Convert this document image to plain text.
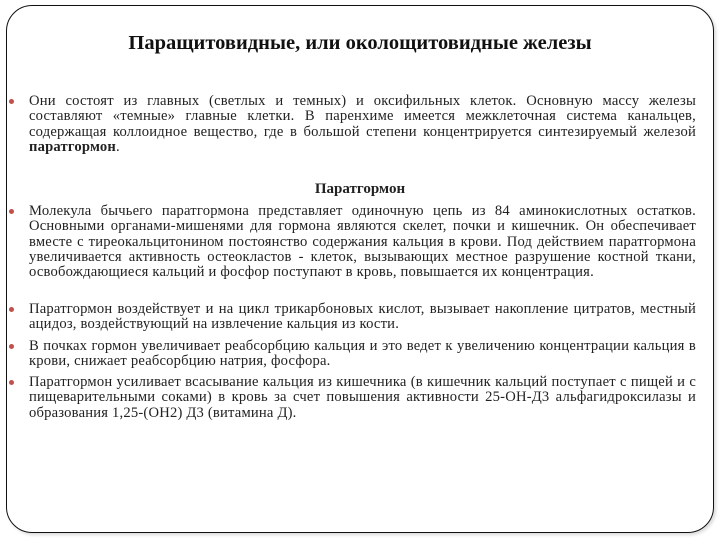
Паращитовидные, или околощитовидные железы
Они состоят из главных (светлых и темных) и оксифильных клеток. Основную массу железы составляют «темные» главные клетки. В паренхиме имеется межклеточная система канальцев, содержащая коллоидное вещество, где в большой степени концентрируется синтезируемый железой паратгормон.
Паратгормон
Молекула бычьего паратгормона представляет одиночную цепь из 84 аминокислотных остатков. Основными органами-мишенями для гормона являются скелет, почки и кишечник. Он обеспечивает вместе с тиреокальцитонином постоянство содержания кальция в крови. Под действием паратгормона увеличивается активность остеокластов - клеток, вызывающих местное разрушение костной ткани, освобождающиеся кальций и фосфор поступают в кровь, повышается их концентрация.
Паратгормон воздействует и на цикл трикарбоновых кислот, вызывает накопление цитратов, местный ацидоз, воздействующий на извлечение кальция из кости.
В почках гормон увеличивает реабсорбцию кальция и это ведет к увеличению концентрации кальция в крови, снижает реабсорбцию натрия, фосфора.
Паратгормон усиливает всасывание кальция из кишечника (в кишечник кальций поступает с пищей и с пищеварительными соками) в кровь за счет повышения активности 25-ОН-Д3 альфагидроксилазы и образования 1,25-(ОН2) Д3 (витамина Д).
